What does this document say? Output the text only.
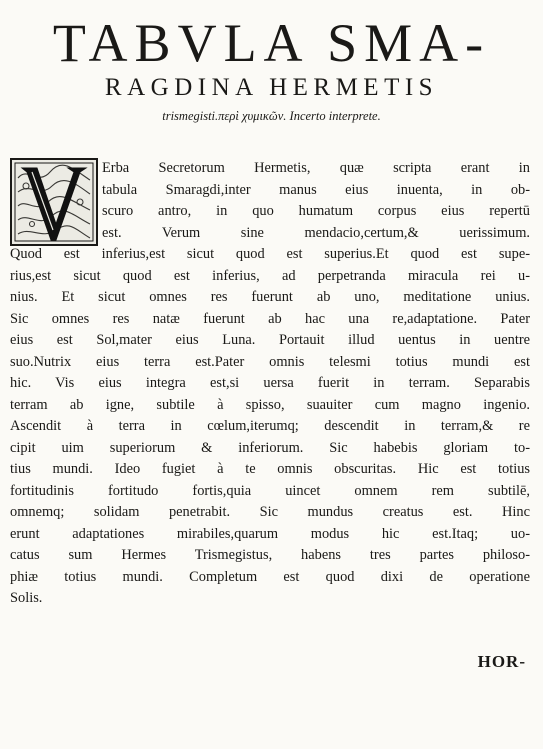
TABVLA SMA-
RAGDINA HERMETIS
trismegisti.περὶ χυμικῶν. Incerto interprete.
Erba Secretorum Hermetis, quæ scripta erant in
tabula Smaragdi,inter manus eius inuenta, in ob-
scuro antro, in quo humatum corpus eius repertū
est. Verum sine mendacio,certum,& uerissimum.
Quod est inferius,est sicut quod est superius.Et quod est supe-
rius,est sicut quod est inferius, ad perpetranda miracula rei u-
nius. Et sicut omnes res fuerunt ab uno, meditatione unius.
Sic omnes res natæ fuerunt ab hac una re,adaptatione. Pater
eius est Sol,mater eius Luna. Portauit illud uentus in uentre
suo.Nutrix eius terra est.Pater omnis telesmi totius mundi est
hic. Vis eius integra est,si uersa fuerit in terram. Separabis
terram ab igne, subtile à spisso, suauiter cum magno ingenio.
Ascendit à terra in cœlum,iterumq; descendit in terram,& re
cipit uim superiorum & inferiorum. Sic habebis gloriam to-
tius mundi. Ideo fugiet à te omnis obscuritas. Hic est totius
fortitudinis fortitudo fortis,quia uincet omnem rem subtilē,
omnemq; solidam penetrabit. Sic mundus creatus est. Hinc
erunt adaptationes mirabiles,quarum modus hic est.Itaq; uo-
catus sum Hermes Trismegistus, habens tres partes philoso-
phiæ totius mundi. Completum est quod dixi de operatione
Solis.
HOR-
